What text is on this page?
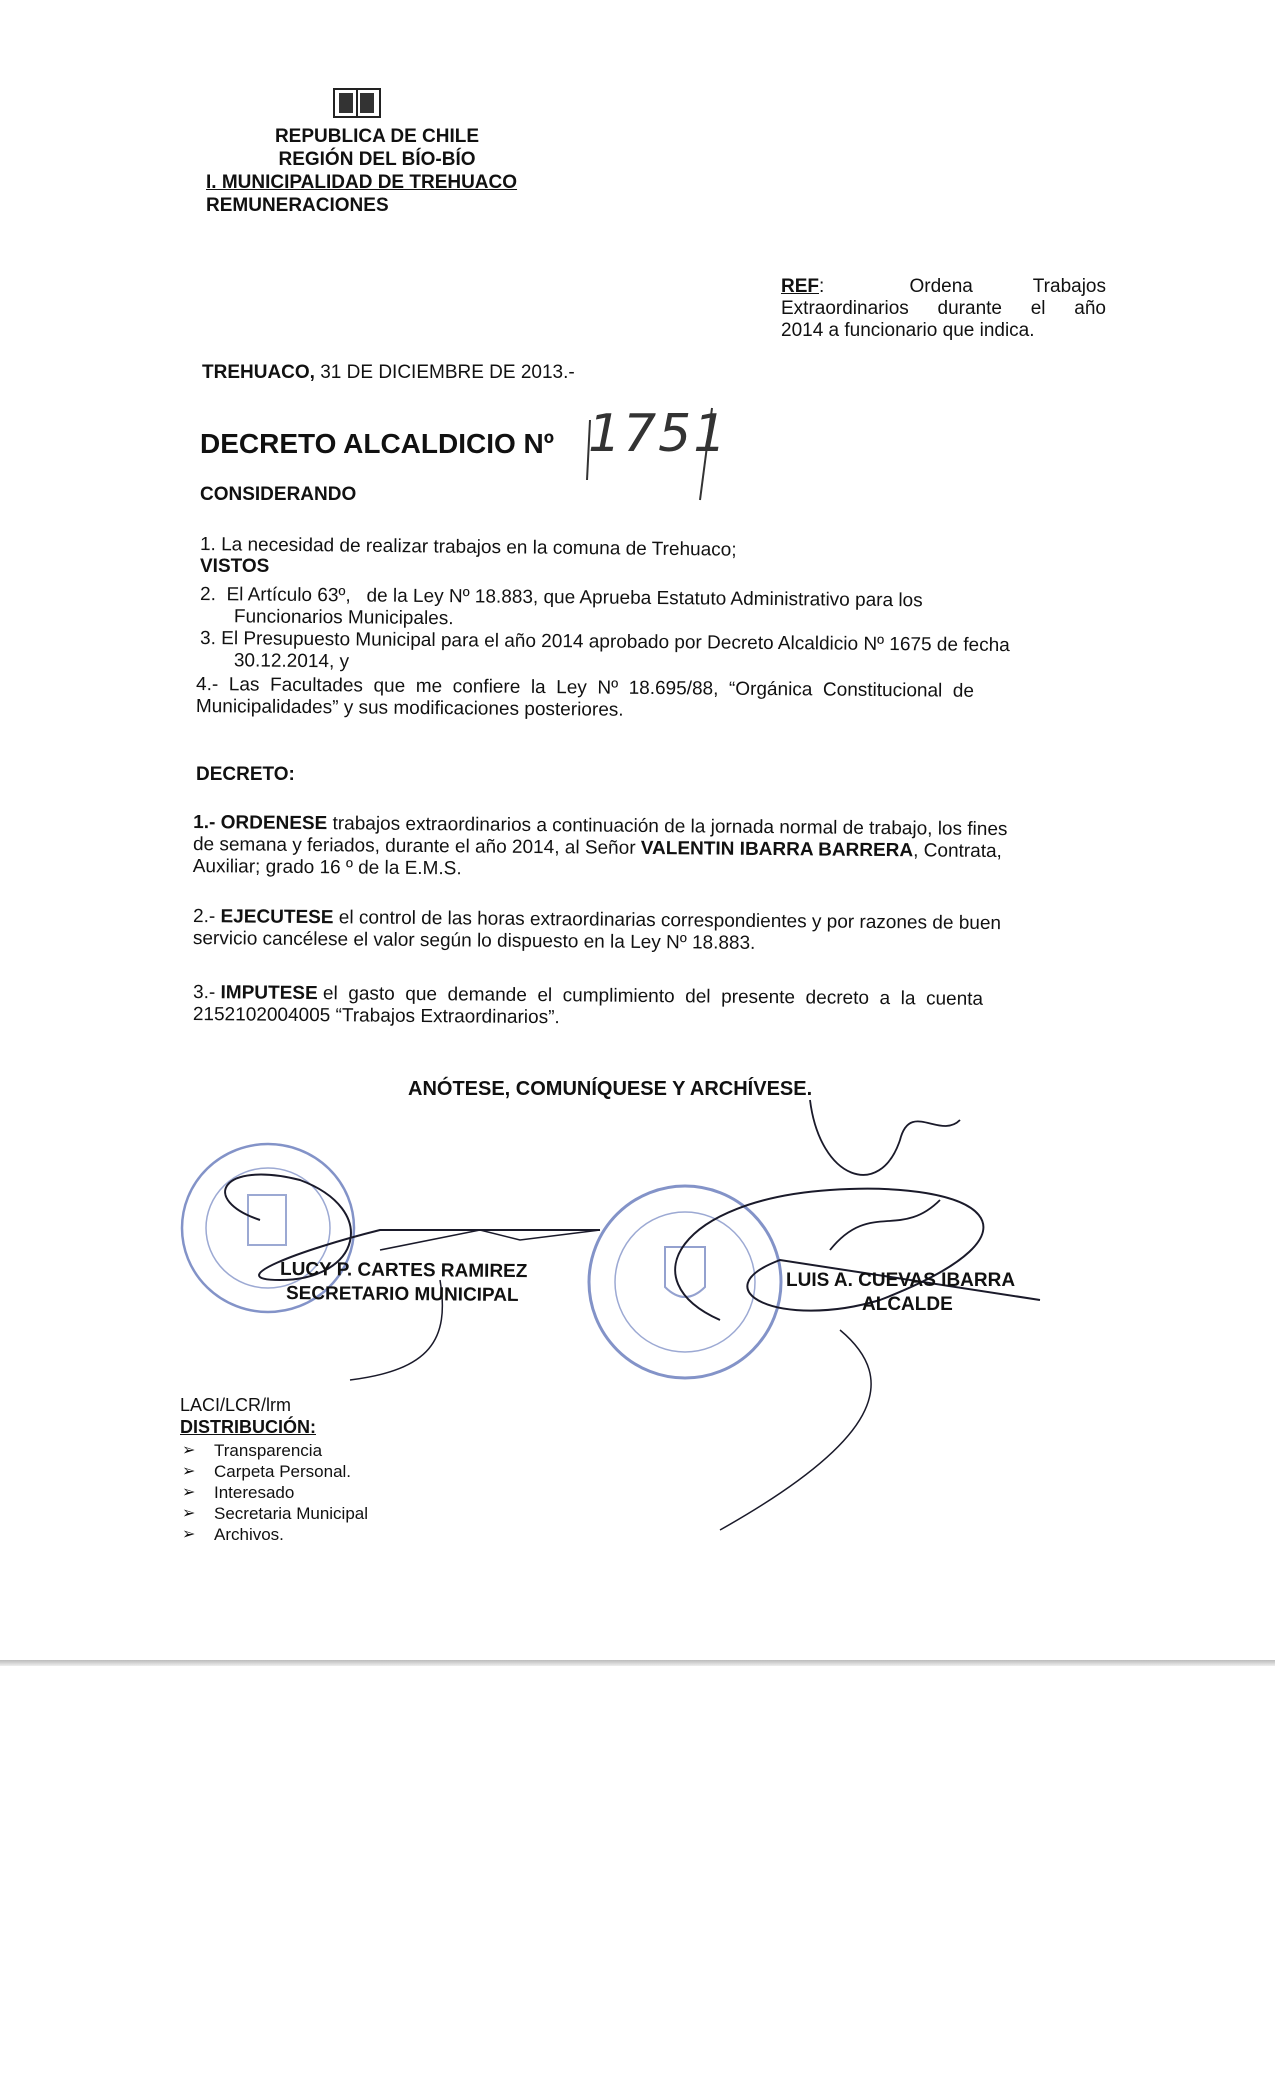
REPUBLICA DE CHILE
REGIÓN DEL BÍO-BÍO
I. MUNICIPALIDAD DE TREHUACO
REMUNERACIONES
REF:	Ordena Trabajos
Extraordinarios durante el año
2014 a funcionario que indica.
TREHUACO, 31 DE DICIEMBRE DE 2013.-
DECRETO ALCALDICIO Nº 1751
CONSIDERANDO
1. La necesidad de realizar trabajos en la comuna de Trehuaco;
VISTOS
2.  El Artículo 63º,   de la Ley Nº 18.883, que Aprueba Estatuto Administrativo para los
Funcionarios Municipales.
3. El Presupuesto Municipal para el año 2014 aprobado por Decreto Alcaldicio Nº 1675 de fecha
30.12.2014, y
4.-  Las  Facultades  que  me  confiere  la  Ley  Nº  18.695/88,  “Orgánica  Constitucional  de
Municipalidades” y sus modificaciones posteriores.
DECRETO:
1.- ORDENESE trabajos extraordinarios a continuación de la jornada normal de trabajo, los fines
de semana y feriados, durante el año 2014, al Señor VALENTIN IBARRA BARRERA, Contrata,
Auxiliar; grado 16 º de la E.M.S.
2.- EJECUTESE el control de las horas extraordinarias correspondientes y por razones de buen
servicio cancélese el valor según lo dispuesto en la Ley Nº 18.883.
3.- IMPUTESE el  gasto  que  demande  el  cumplimiento  del  presente  decreto  a  la  cuenta
2152102004005 “Trabajos Extraordinarios”.
ANÓTESE, COMUNÍQUESE Y ARCHÍVESE.
LUCY P. CARTES RAMIREZ
SECRETARIO MUNICIPAL
LUIS A. CUEVAS IBARRA
ALCALDE
LACI/LCR/lrm
DISTRIBUCIÓN:
➢	Transparencia
➢	Carpeta Personal.
➢	Interesado
➢	Secretaria Municipal
➢	Archivos.
